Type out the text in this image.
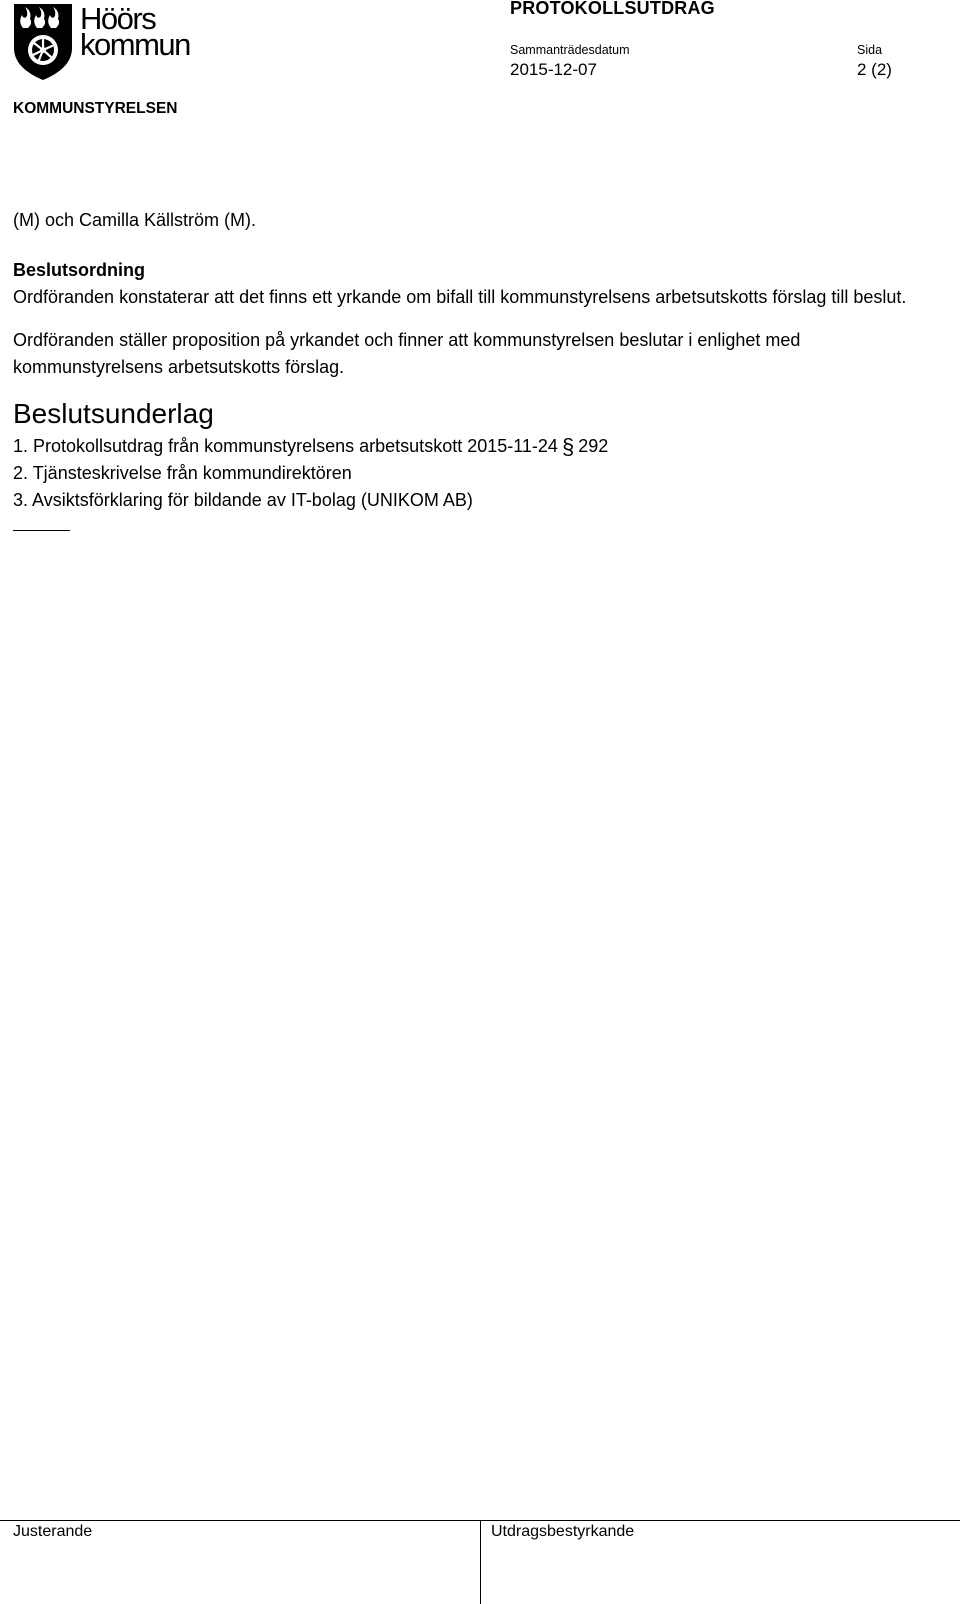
Höörs
kommun
PROTOKOLLSUTDRAG
Sammanträdesdatum
2015-12-07
Sida
2 (2)
KOMMUNSTYRELSEN

(M) och Camilla Källström (M).

Beslutsordning

Ordföranden konstaterar att det finns ett yrkande om bifall till kommunstyrelsens arbetsutskotts förslag till beslut.

Ordföranden ställer proposition på yrkandet och finner att kommunstyrelsen beslutar i enlighet med kommunstyrelsens arbetsutskotts förslag.

Beslutsunderlag

1. Protokollsutdrag från kommunstyrelsens arbetsutskott 2015-11-24 § 292
2. Tjänsteskrivelse från kommundirektören
3. Avsiktsförklaring för bildande av IT-bolag (UNIKOM AB)
Justerande	Utdragsbestyrkande
